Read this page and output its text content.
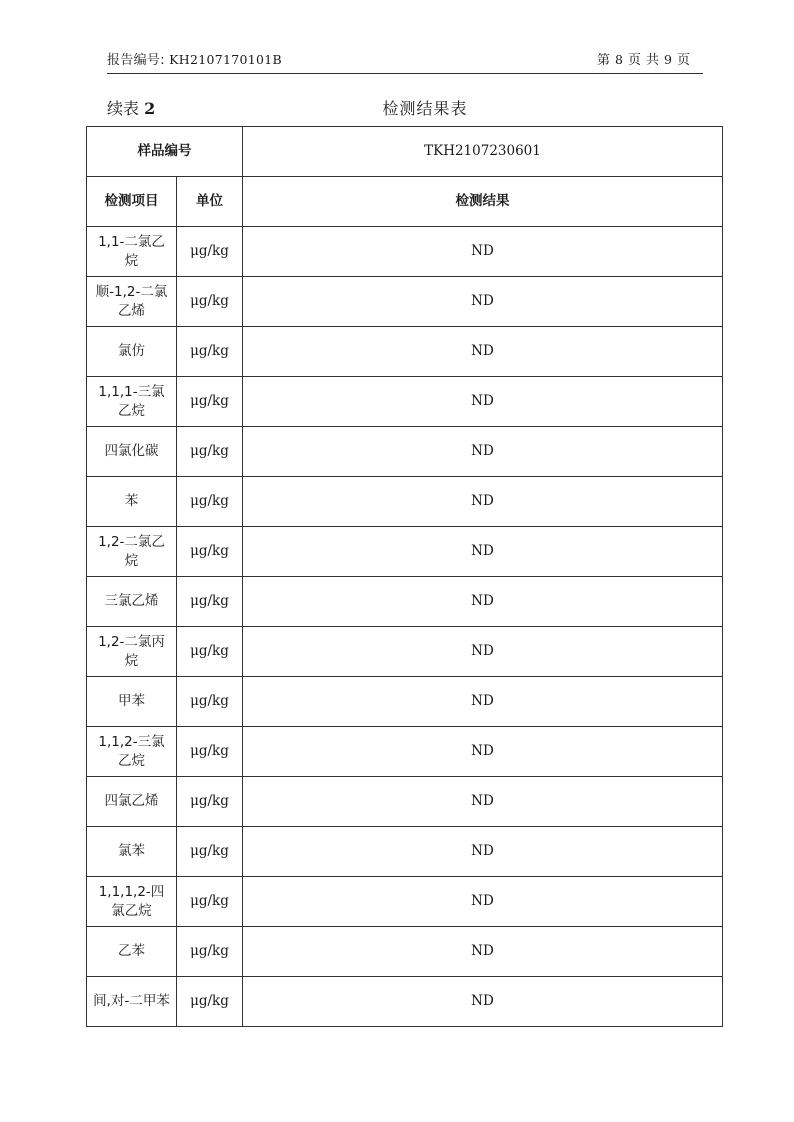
报告编号: KH2107170101B	第 8 页 共 9 页
续表 2	检测结果表
样品编号		TKH2107230601
检测项目	单位	检测结果
1,1-二氯乙烷	μg/kg	ND
顺-1,2-二氯乙烯	μg/kg	ND
氯仿	μg/kg	ND
1,1,1-三氯乙烷	μg/kg	ND
四氯化碳	μg/kg	ND
苯	μg/kg	ND
1,2-二氯乙烷	μg/kg	ND
三氯乙烯	μg/kg	ND
1,2-二氯丙烷	μg/kg	ND
甲苯	μg/kg	ND
1,1,2-三氯乙烷	μg/kg	ND
四氯乙烯	μg/kg	ND
氯苯	μg/kg	ND
1,1,1,2-四氯乙烷	μg/kg	ND
乙苯	μg/kg	ND
间,对-二甲苯	μg/kg	ND
